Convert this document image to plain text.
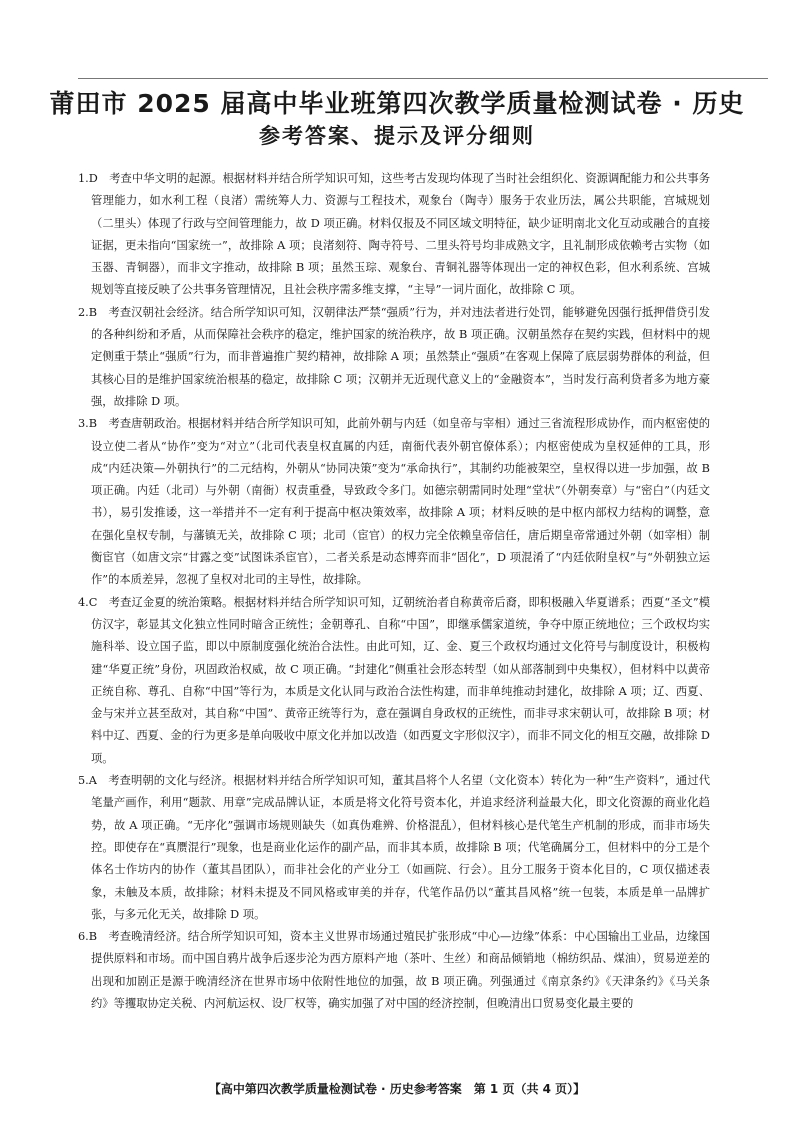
莆田市 2025 届高中毕业班第四次教学质量检测试卷 · 历史
参考答案、提示及评分细则

1.D　考查中华文明的起源。根据材料并结合所学知识可知，这些考古发现均体现了当时社会组织化、资源调配能力和公共事务管理能力，如水利工程（良渚）需统筹人力、资源与工程技术，观象台（陶寺）服务于农业历法，属公共职能，宫城规划（二里头）体现了行政与空间管理能力，故 D 项正确。材料仅报及不同区域文明特征，缺少证明南北文化互动或融合的直接证据，更未指向“国家统一”，故排除 A 项；良渚刻符、陶寺符号、二里头符号均非成熟文字，且礼制形成依赖考古实物（如玉器、青铜器），而非文字推动，故排除 B 项；虽然玉琮、观象台、青铜礼器等体现出一定的神权色彩，但水利系统、宫城规划等直接反映了公共事务管理情况，且社会秩序需多维支撑，“主导”一词片面化，故排除 C 项。

2.B　考查汉朝社会经济。结合所学知识可知，汉朝律法严禁“强质”行为，并对违法者进行处罚，能够避免因强行抵押借贷引发的各种纠纷和矛盾，从而保障社会秩序的稳定，维护国家的统治秩序，故 B 项正确。汉朝虽然存在契约实践，但材料中的规定侧重于禁止“强质”行为，而非普遍推广契约精神，故排除 A 项；虽然禁止“强质”在客观上保障了底层弱势群体的利益，但其核心目的是维护国家统治根基的稳定，故排除 C 项；汉朝并无近现代意义上的“金融资本”，当时发行高利贷者多为地方豪强，故排除 D 项。

3.B　考查唐朝政治。根据材料并结合所学知识可知，此前外朝与内廷（如皇帝与宰相）通过三省流程形成协作，而内枢密使的设立使二者从“协作”变为“对立”（北司代表皇权直属的内廷，南衙代表外朝官僚体系）；内枢密使成为皇权延伸的工具，形成“内廷决策—外朝执行”的二元结构，外朝从“协同决策”变为“承命执行”，其制约功能被架空，皇权得以进一步加强，故 B 项正确。内廷（北司）与外朝（南衙）权责重叠，导致政令多门。如德宗朝需同时处理“堂状”（外朝奏章）与“密白”（内廷文书），易引发推诿，这一举措并不一定有利于提高中枢决策效率，故排除 A 项；材料反映的是中枢内部权力结构的调整，意在强化皇权专制，与藩镇无关，故排除 C 项；北司（宦官）的权力完全依赖皇帝信任，唐后期皇帝常通过外朝（如宰相）制衡宦官（如唐文宗“甘露之变”试图诛杀宦官），二者关系是动态博弈而非“固化”，D 项混淆了“内廷依附皇权”与“外朝独立运作”的本质差异，忽视了皇权对北司的主导性，故排除。

4.C　考查辽金夏的统治策略。根据材料并结合所学知识可知，辽朝统治者自称黄帝后裔，即积极融入华夏谱系；西夏“圣文”模仿汉字，彰显其文化独立性同时暗含正统性；金朝尊孔、自称“中国”，即继承儒家道统，争夺中原正统地位；三个政权均实施科举、设立国子监，即以中原制度强化统治合法性。由此可知，辽、金、夏三个政权均通过文化符号与制度设计，积极构建“华夏正统”身份，巩固政治权威，故 C 项正确。“封建化”侧重社会形态转型（如从部落制到中央集权），但材料中以黄帝正统自称、尊孔、自称“中国”等行为，本质是文化认同与政治合法性构建，而非单纯推动封建化，故排除 A 项；辽、西夏、金与宋并立甚至敌对，其自称“中国”、黄帝正统等行为，意在强调自身政权的正统性，而非寻求宋朝认可，故排除 B 项；材料中辽、西夏、金的行为更多是单向吸收中原文化并加以改造（如西夏文字形似汉字），而非不同文化的相互交融，故排除 D 项。

5.A　考查明朝的文化与经济。根据材料并结合所学知识可知，董其昌将个人名望（文化资本）转化为一种“生产资料”，通过代笔量产画作，利用“题款、用章”完成品牌认证，本质是将文化符号资本化，并追求经济利益最大化，即文化资源的商业化趋势，故 A 项正确。“无序化”强调市场规则缺失（如真伪难辨、价格混乱），但材料核心是代笔生产机制的形成，而非市场失控。即使存在“真赝混行”现象，也是商业化运作的副产品，而非其本质，故排除 B 项；代笔确属分工，但材料中的分工是个体名士作坊内的协作（董其昌团队），而非社会化的产业分工（如画院、行会）。且分工服务于资本化目的，C 项仅描述表象，未触及本质，故排除；材料未提及不同风格或审美的并存，代笔作品仍以“董其昌风格”统一包装，本质是单一品牌扩张，与多元化无关，故排除 D 项。

6.B　考查晚清经济。结合所学知识可知，资本主义世界市场通过殖民扩张形成“中心—边缘”体系：中心国输出工业品，边缘国提供原料和市场。而中国自鸦片战争后逐步沦为西方原料产地（茶叶、生丝）和商品倾销地（棉纺织品、煤油），贸易逆差的出现和加剧正是源于晚清经济在世界市场中依附性地位的加强，故 B 项正确。列强通过《南京条约》《天津条约》《马关条约》等攫取协定关税、内河航运权、设厂权等，确实加强了对中国的经济控制，但晚清出口贸易变化最主要的

【高中第四次教学质量检测试卷 · 历史参考答案　第 1 页（共 4 页）】
